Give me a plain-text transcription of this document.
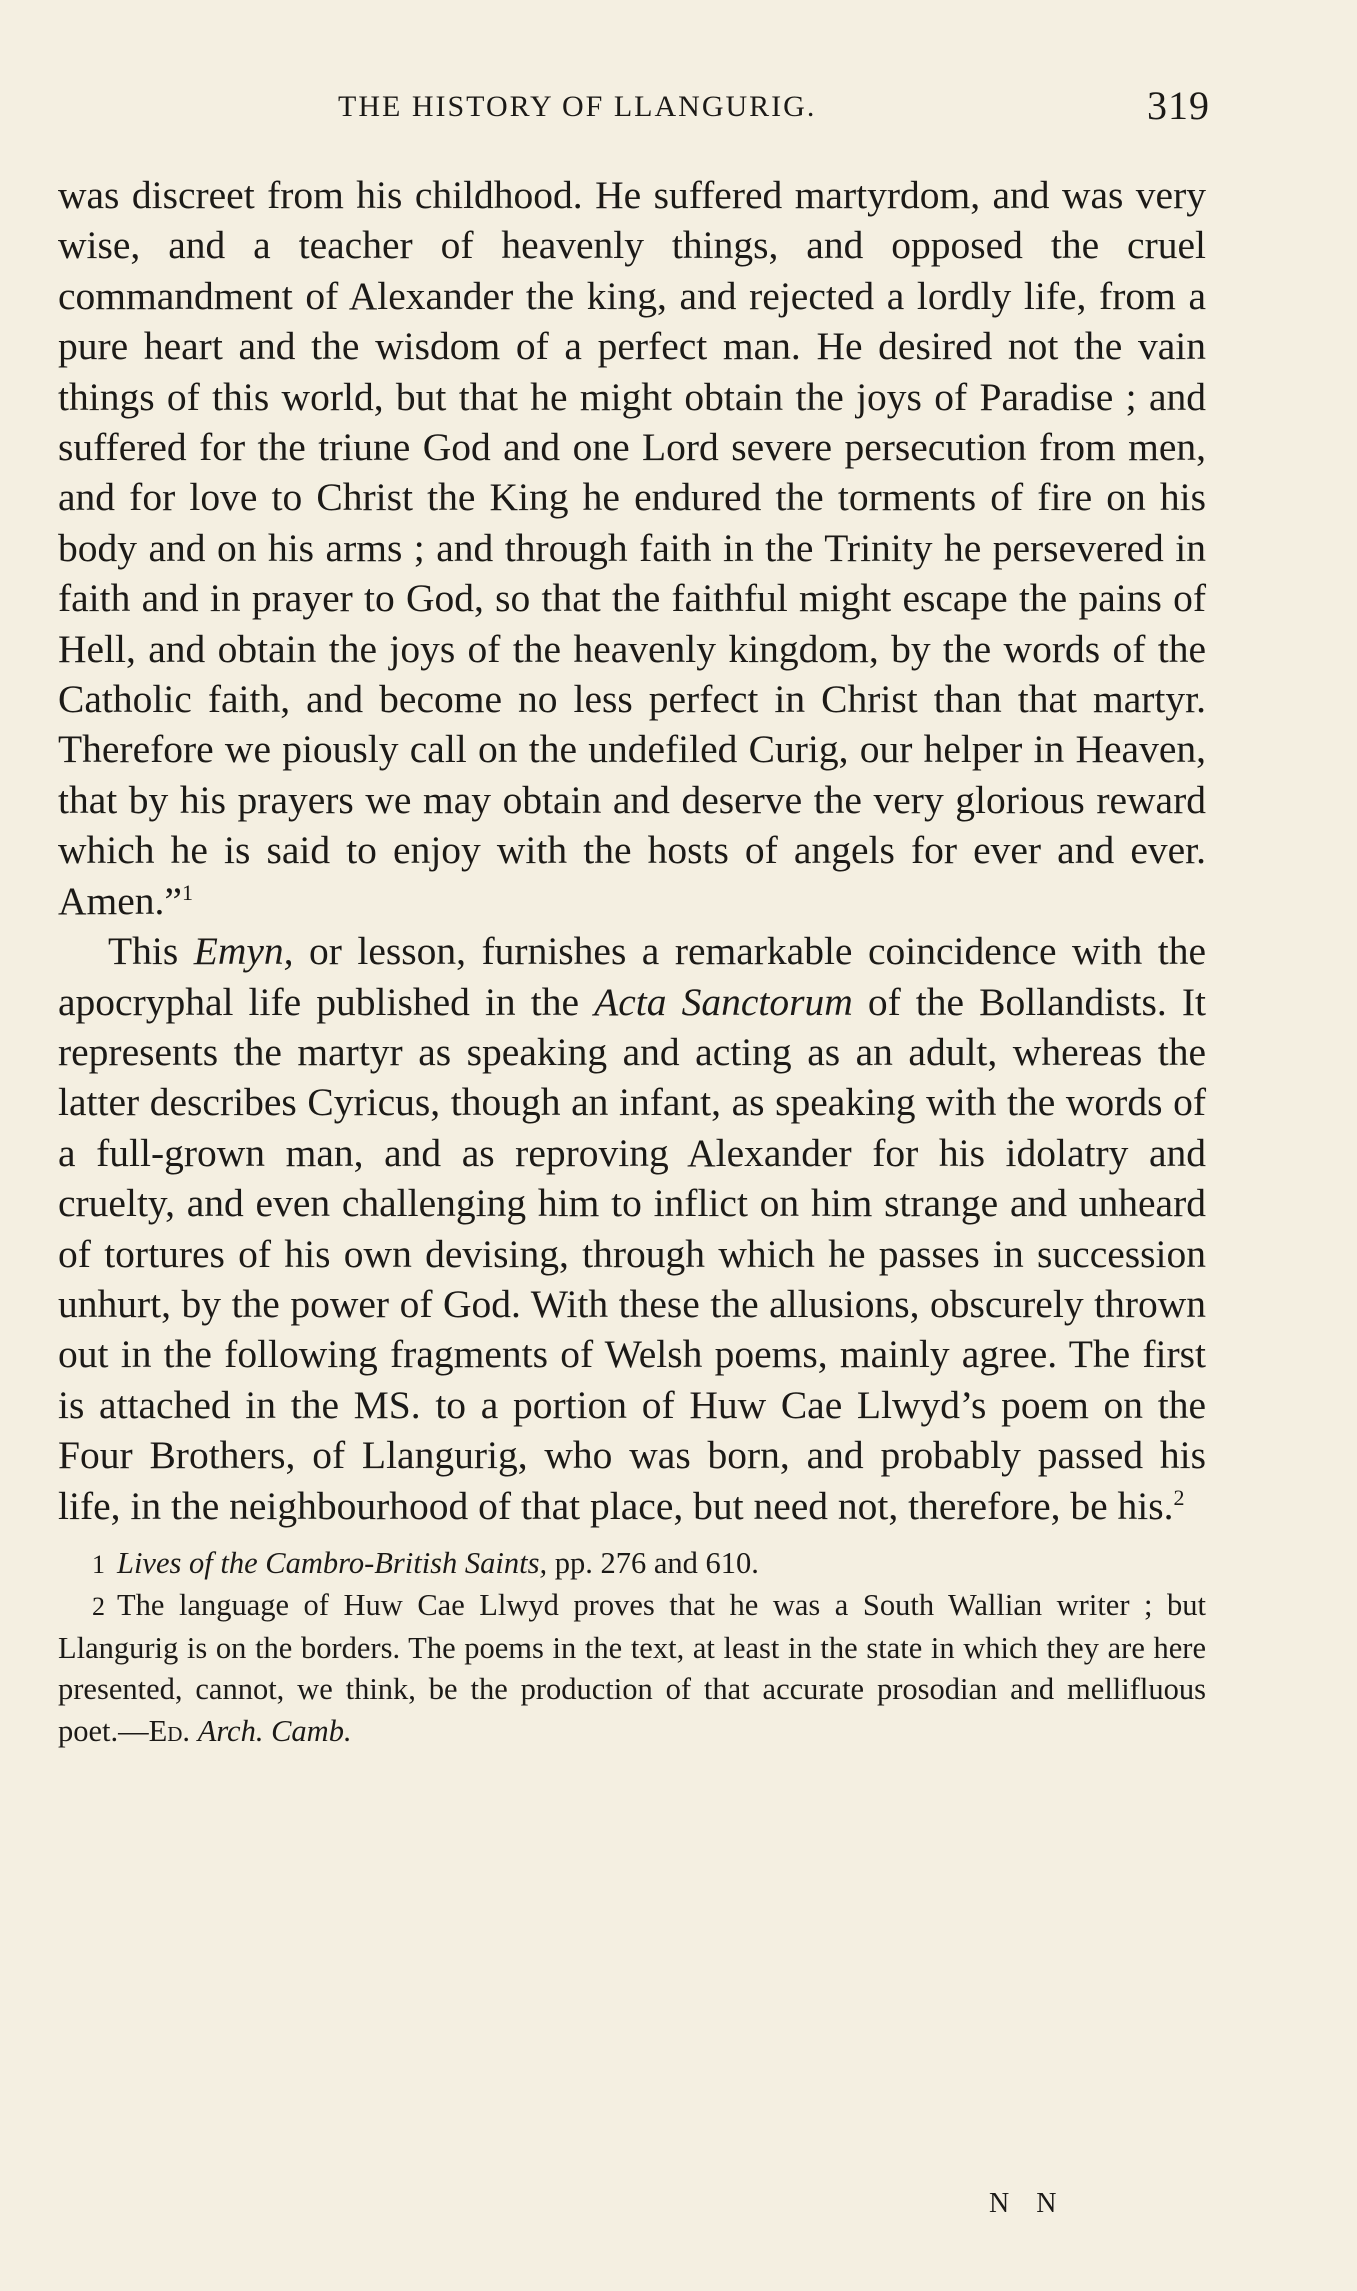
THE HISTORY OF LLANGURIG.	319

was discreet from his childhood. He suffered martyrdom, and was very wise, and a teacher of heavenly things, and opposed the cruel commandment of Alexander the king, and rejected a lordly life, from a pure heart and the wisdom of a perfect man. He desired not the vain things of this world, but that he might obtain the joys of Paradise ; and suffered for the triune God and one Lord severe persecution from men, and for love to Christ the King he endured the torments of fire on his body and on his arms ; and through faith in the Trinity he persevered in faith and in prayer to God, so that the faithful might escape the pains of Hell, and obtain the joys of the heavenly kingdom, by the words of the Catholic faith, and become no less perfect in Christ than that martyr. Therefore we piously call on the undefiled Curig, our helper in Heaven, that by his prayers we may obtain and deserve the very glorious reward which he is said to enjoy with the hosts of angels for ever and ever. Amen.”$^1$

This Emyn, or lesson, furnishes a remarkable coincidence with the apocryphal life published in the Acta Sanctorum of the Bollandists. It represents the martyr as speaking and acting as an adult, whereas the latter describes Cyricus, though an infant, as speaking with the words of a full-grown man, and as reproving Alexander for his idolatry and cruelty, and even challenging him to inflict on him strange and unheard of tortures of his own devising, through which he passes in succession unhurt, by the power of God. With these the allusions, obscurely thrown out in the following fragments of Welsh poems, mainly agree. The first is attached in the MS. to a portion of Huw Cae Llwyd’s poem on the Four Brothers, of Llangurig, who was born, and probably passed his life, in the neighbourhood of that place, but need not, therefore, be his.$^2$

1 Lives of the Cambro-British Saints, pp. 276 and 610.

2 The language of Huw Cae Llwyd proves that he was a South Wallian writer ; but Llangurig is on the borders. The poems in the text, at least in the state in which they are here presented, cannot, we think, be the production of that accurate prosodian and mellifluous poet.—Ed. Arch. Camb.

N N
